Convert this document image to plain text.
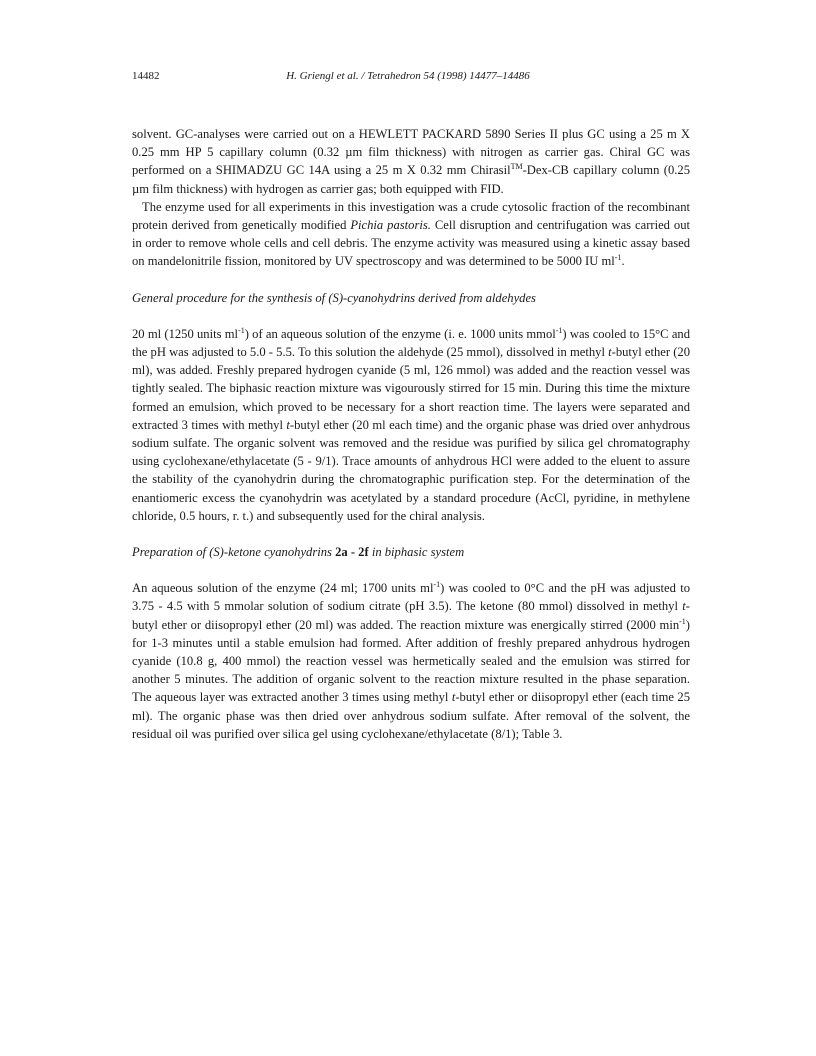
14482	H. Griengl et al. / Tetrahedron 54 (1998) 14477–14486

solvent. GC-analyses were carried out on a HEWLETT PACKARD 5890 Series II plus GC using a 25 m X 0.25 mm HP 5 capillary column (0.32 µm film thickness) with nitrogen as carrier gas. Chiral GC was performed on a SHIMADZU GC 14A using a 25 m X 0.32 mm Chirasil™-Dex-CB capillary column (0.25 µm film thickness) with hydrogen as carrier gas; both equipped with FID.

The enzyme used for all experiments in this investigation was a crude cytosolic fraction of the recombinant protein derived from genetically modified Pichia pastoris. Cell disruption and centrifugation was carried out in order to remove whole cells and cell debris. The enzyme activity was measured using a kinetic assay based on mandelonitrile fission, monitored by UV spectroscopy and was determined to be 5000 IU $ml^{-1}$.

General procedure for the synthesis of (S)-cyanohydrins derived from aldehydes

20 ml (1250 units $ml^{-1}$) of an aqueous solution of the enzyme (i. e. 1000 units mmol$^{-1}$) was cooled to 15°C and the pH was adjusted to 5.0 - 5.5. To this solution the aldehyde (25 mmol), dissolved in methyl t-butyl ether (20 ml), was added. Freshly prepared hydrogen cyanide (5 ml, 126 mmol) was added and the reaction vessel was tightly sealed. The biphasic reaction mixture was vigourously stirred for 15 min. During this time the mixture formed an emulsion, which proved to be necessary for a short reaction time. The layers were separated and extracted 3 times with methyl t-butyl ether (20 ml each time) and the organic phase was dried over anhydrous sodium sulfate. The organic solvent was removed and the residue was purified by silica gel chromatography using cyclohexane/ethylacetate (5 - 9/1). Trace amounts of anhydrous HCl were added to the eluent to assure the stability of the cyanohydrin during the chromatographic purification step. For the determination of the enantiomeric excess the cyanohydrin was acetylated by a standard procedure (AcCl, pyridine, in methylene chloride, 0.5 hours, r. t.) and subsequently used for the chiral analysis.

Preparation of (S)-ketone cyanohydrins 2a - 2f in biphasic system

An aqueous solution of the enzyme (24 ml; 1700 units $ml^{-1}$) was cooled to 0°C and the pH was adjusted to 3.75 - 4.5 with 5 mmolar solution of sodium citrate (pH 3.5). The ketone (80 mmol) dissolved in methyl t-butyl ether or diisopropyl ether (20 ml) was added. The reaction mixture was energically stirred (2000 $\min^{-1}$) for 1-3 minutes until a stable emulsion had formed. After addition of freshly prepared anhydrous hydrogen cyanide (10.8 g, 400 mmol) the reaction vessel was hermetically sealed and the emulsion was stirred for another 5 minutes. The addition of organic solvent to the reaction mixture resulted in the phase separation. The aqueous layer was extracted another 3 times using methyl t-butyl ether or diisopropyl ether (each time 25 ml). The organic phase was then dried over anhydrous sodium sulfate. After removal of the solvent, the residual oil was purified over silica gel using cyclohexane/ethylacetate (8/1); Table 3.
